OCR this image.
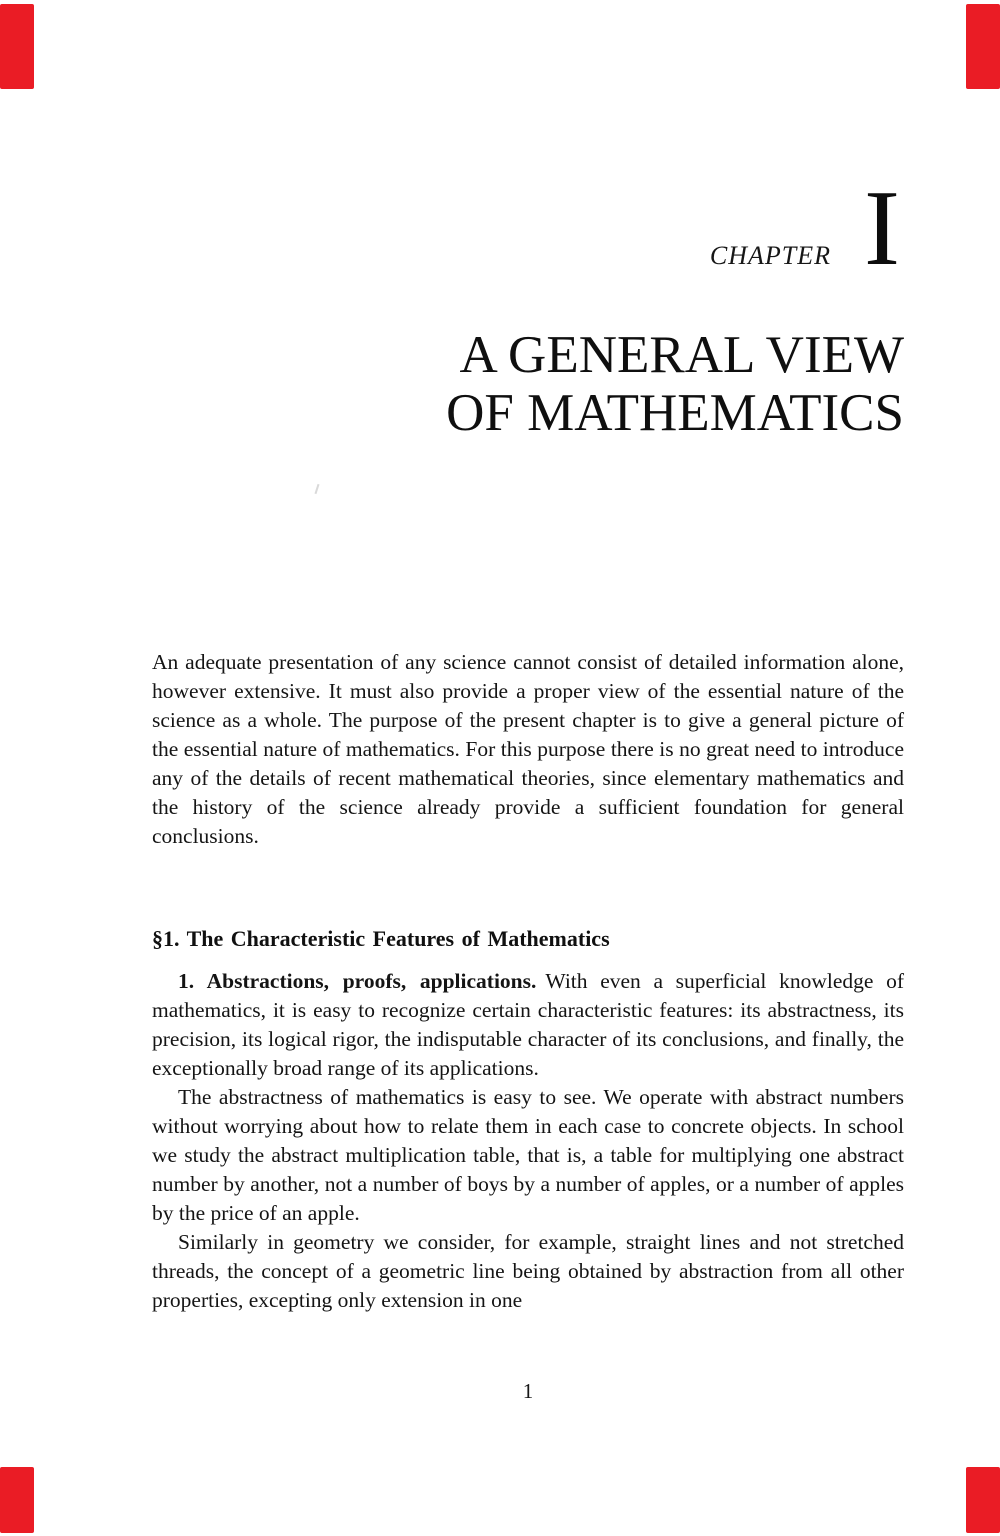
CHAPTER I
A GENERAL VIEW
OF MATHEMATICS

An adequate presentation of any science cannot consist of detailed information alone, however extensive. It must also provide a proper view of the essential nature of the science as a whole. The purpose of the present chapter is to give a general picture of the essential nature of mathematics. For this purpose there is no great need to introduce any of the details of recent mathematical theories, since elementary mathematics and the history of the science already provide a sufficient foundation for general conclusions.

§1. The Characteristic Features of Mathematics

1. Abstractions, proofs, applications. With even a superficial knowledge of mathematics, it is easy to recognize certain characteristic features: its abstractness, its precision, its logical rigor, the indisputable character of its conclusions, and finally, the exceptionally broad range of its applications.

The abstractness of mathematics is easy to see. We operate with abstract numbers without worrying about how to relate them in each case to concrete objects. In school we study the abstract multiplication table, that is, a table for multiplying one abstract number by another, not a number of boys by a number of apples, or a number of apples by the price of an apple.

Similarly in geometry we consider, for example, straight lines and not stretched threads, the concept of a geometric line being obtained by abstraction from all other properties, excepting only extension in one

1
